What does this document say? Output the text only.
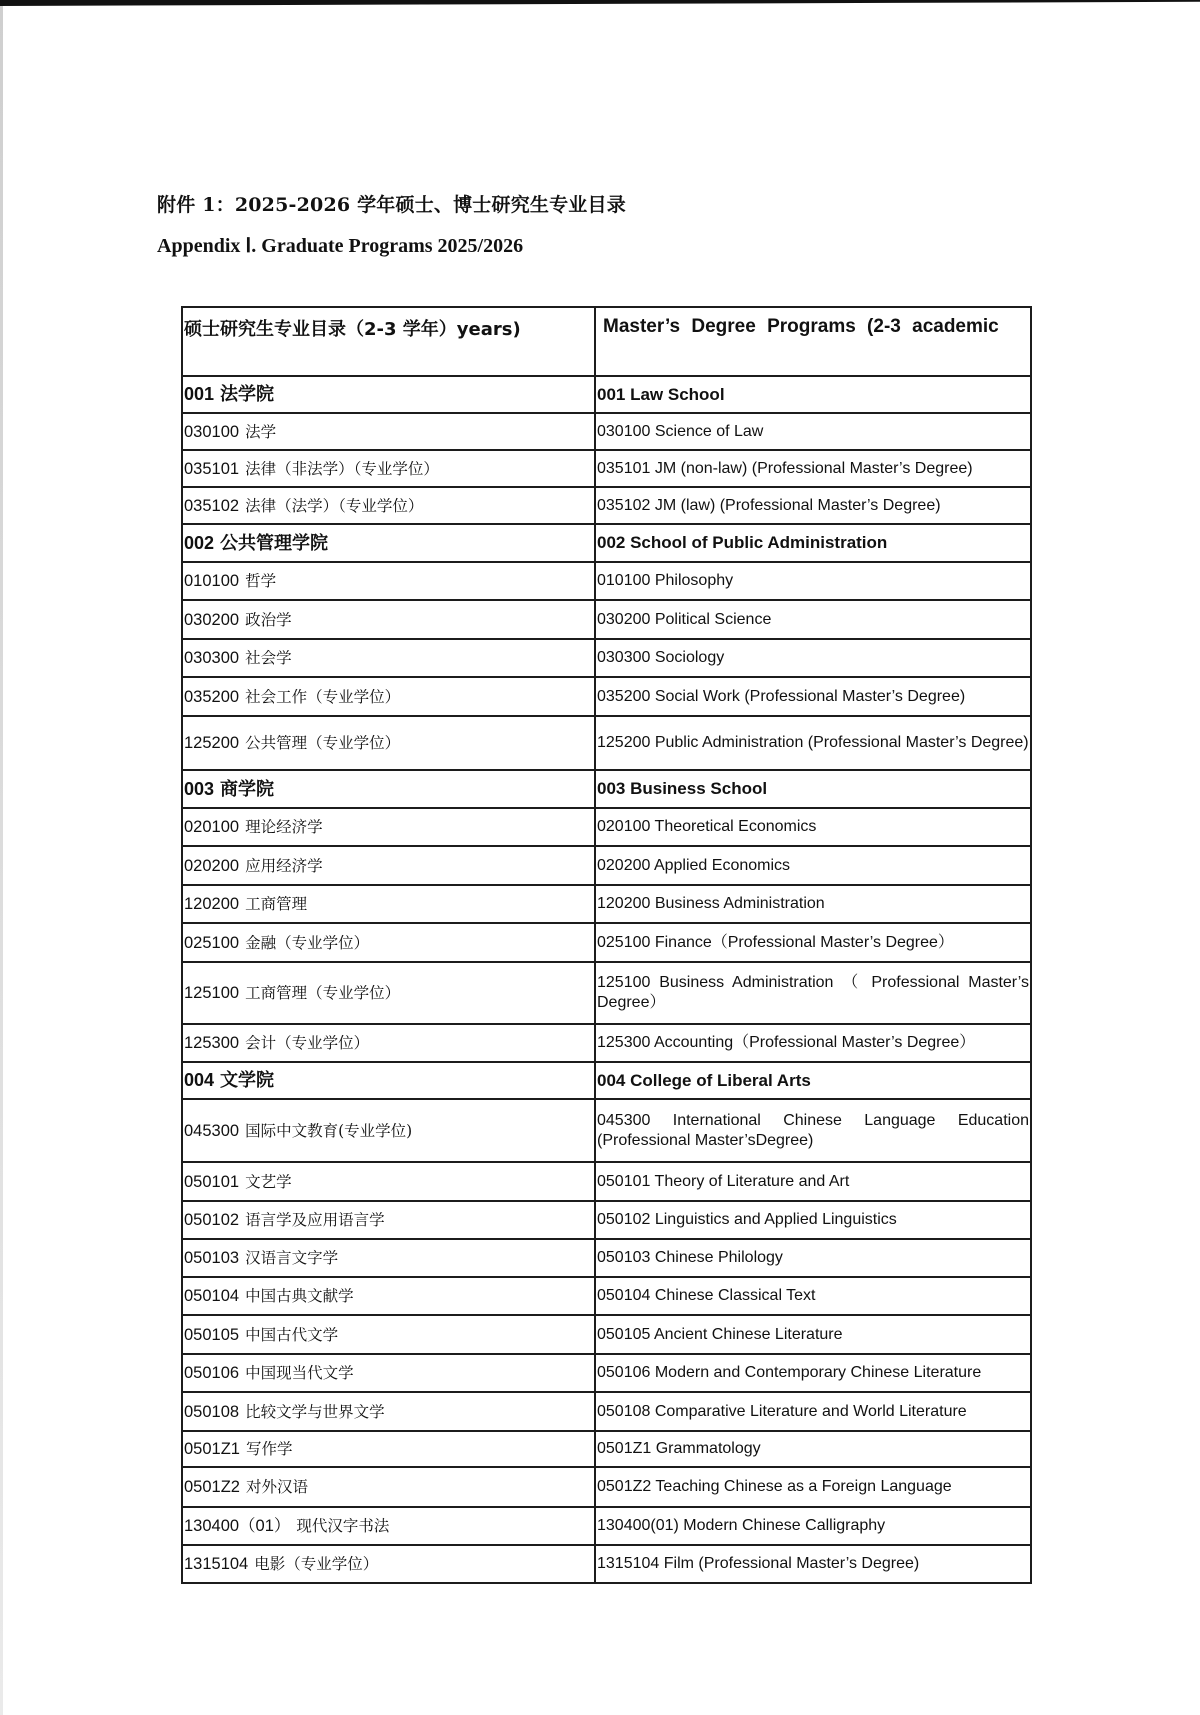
附件 1：2025-2026 学年硕士、博士研究生专业目录
Appendix Ⅰ. Graduate Programs 2025/2026
硕士研究生专业目录（2-3 学年）years)	Master’s Degree Programs (2-3 academic
001 法学院	001 Law School
030100 法学	030100 Science of Law
035101 法律（非法学）（专业学位）	035101 JM (non-law) (Professional Master’s Degree)
035102 法律（法学）（专业学位）	035102 JM (law) (Professional Master’s Degree)
002 公共管理学院	002 School of Public Administration
010100 哲学	010100 Philosophy
030200 政治学	030200 Political Science
030300 社会学	030300 Sociology
035200 社会工作（专业学位）	035200 Social Work (Professional Master’s Degree)
125200 公共管理（专业学位）	125200 Public Administration (Professional Master’s Degree)
003 商学院	003 Business School
020100 理论经济学	020100 Theoretical Economics
020200 应用经济学	020200 Applied Economics
120200 工商管理	120200 Business Administration
025100 金融（专业学位）	025100 Finance（Professional Master’s Degree）
125100 工商管理（专业学位）	125100 Business Administration （ Professional Master’s Degree）
125300 会计（专业学位）	125300 Accounting（Professional Master’s Degree）
004 文学院	004 College of Liberal Arts
045300 国际中文教育(专业学位)	045300 International Chinese Language Education (Professional Master’sDegree)
050101 文艺学	050101 Theory of Literature and Art
050102 语言学及应用语言学	050102 Linguistics and Applied Linguistics
050103 汉语言文字学	050103 Chinese Philology
050104 中国古典文献学	050104 Chinese Classical Text
050105 中国古代文学	050105 Ancient Chinese Literature
050106 中国现当代文学	050106 Modern and Contemporary Chinese Literature
050108 比较文学与世界文学	050108 Comparative Literature and World Literature
0501Z1 写作学	0501Z1 Grammatology
0501Z2 对外汉语	0501Z2 Teaching Chinese as a Foreign Language
130400（01） 现代汉字书法	130400(01) Modern Chinese Calligraphy
1315104 电影（专业学位）	1315104 Film (Professional Master’s Degree)
